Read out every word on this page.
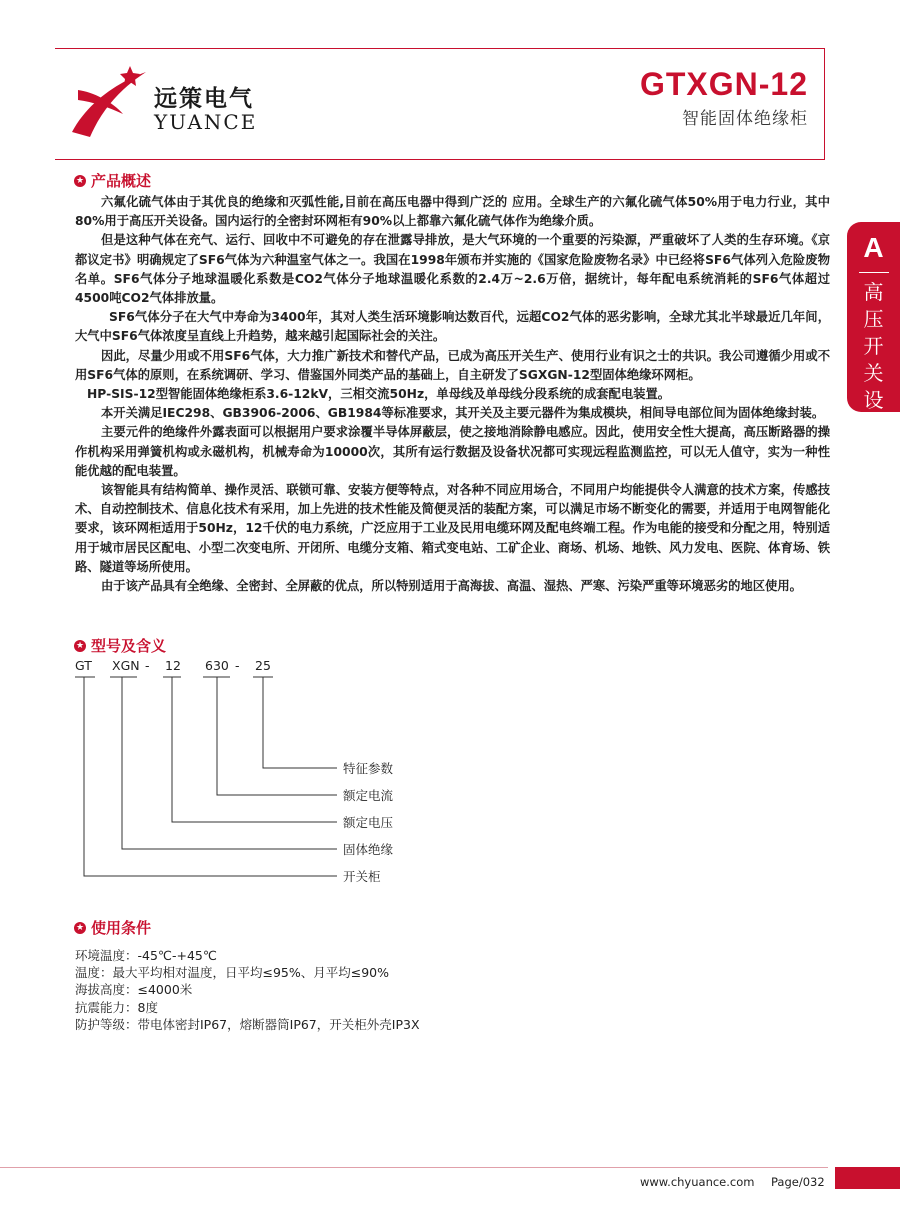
远策电气
YUANCE
GTXGN-12
智能固体绝缘柜
A
高压开关设备
★ 产品概述

六氟化硫气体由于其优良的绝缘和灭弧性能,目前在高压电器中得到广泛的 应用。全球生产的六氟化硫气体50%用于电力行业，其中80%用于高压开关设备。国内运行的全密封环网柜有90%以上都靠六氟化硫气体作为绝缘介质。

但是这种气体在充气、运行、回收中不可避免的存在泄露导排放，是大气环境的一个重要的污染源，严重破坏了人类的生存环境。《京都议定书》明确规定了SF6气体为六种温室气体之一。我国在1998年颁布并实施的《国家危险废物名录》中已经将SF6气体列入危险废物名单。SF6气体分子地球温暖化系数是CO2气体分子地球温暖化系数的2.4万~2.6万倍，据统计，每年配电系统消耗的SF6气体超过4500吨CO2气体排放量。

SF6气体分子在大气中寿命为3400年，其对人类生活环境影响达数百代，远超CO2气体的恶劣影响，全球尤其北半球最近几年间，大气中SF6气体浓度呈直线上升趋势，越来越引起国际社会的关注。

因此，尽量少用或不用SF6气体，大力推广新技术和替代产品，已成为高压开关生产、使用行业有识之士的共识。我公司遵循少用或不用SF6气体的原则，在系统调研、学习、借鉴国外同类产品的基础上，自主研发了SGXGN-12型固体绝缘环网柜。

HP-SIS-12型智能固体绝缘柜系3.6-12kV，三相交流50Hz，单母线及单母线分段系统的成套配电装置。

本开关满足IEC298、GB3906-2006、GB1984等标准要求，其开关及主要元器件为集成模块，相间导电部位间为固体绝缘封装。

主要元件的绝缘件外露表面可以根据用户要求涂覆半导体屏蔽层，使之接地消除静电感应。因此，使用安全性大提高，高压断路器的操作机构采用弹簧机构或永磁机构，机械寿命为10000次，其所有运行数据及设备状况都可实现远程监测监控，可以无人值守，实为一种性能优越的配电装置。

该智能具有结构简单、操作灵活、联锁可靠、安装方便等特点，对各种不同应用场合，不同用户均能提供令人满意的技术方案，传感技术、自动控制技术、信息化技术有采用，加上先进的技术性能及简便灵活的装配方案，可以满足市场不断变化的需要，并适用于电网智能化要求，该环网柜适用于50Hz，12千伏的电力系统，广泛应用于工业及民用电缆环网及配电终端工程。作为电能的接受和分配之用，特别适用于城市居民区配电、小型二次变电所、开闭所、电缆分支箱、箱式变电站、工矿企业、商场、机场、地铁、风力发电、医院、体育场、铁路、隧道等场所使用。

由于该产品具有全绝缘、全密封、全屏蔽的优点，所以特别适用于高海拔、高温、湿热、严寒、污染严重等环境恶劣的地区使用。

★ 型号及含义
GT XGN - 12 630 - 25
特征参数
额定电流
额定电压
固体绝缘
开关柜
★ 使用条件
环境温度：-45℃-+45℃
温度：最大平均相对温度，日平均≤95%、月平均≤90%
海拔高度：≤4000米
抗震能力：8度
防护等级：带电体密封IP67，熔断器筒IP67，开关柜外壳IP3X
www.chyuance.com Page/032
